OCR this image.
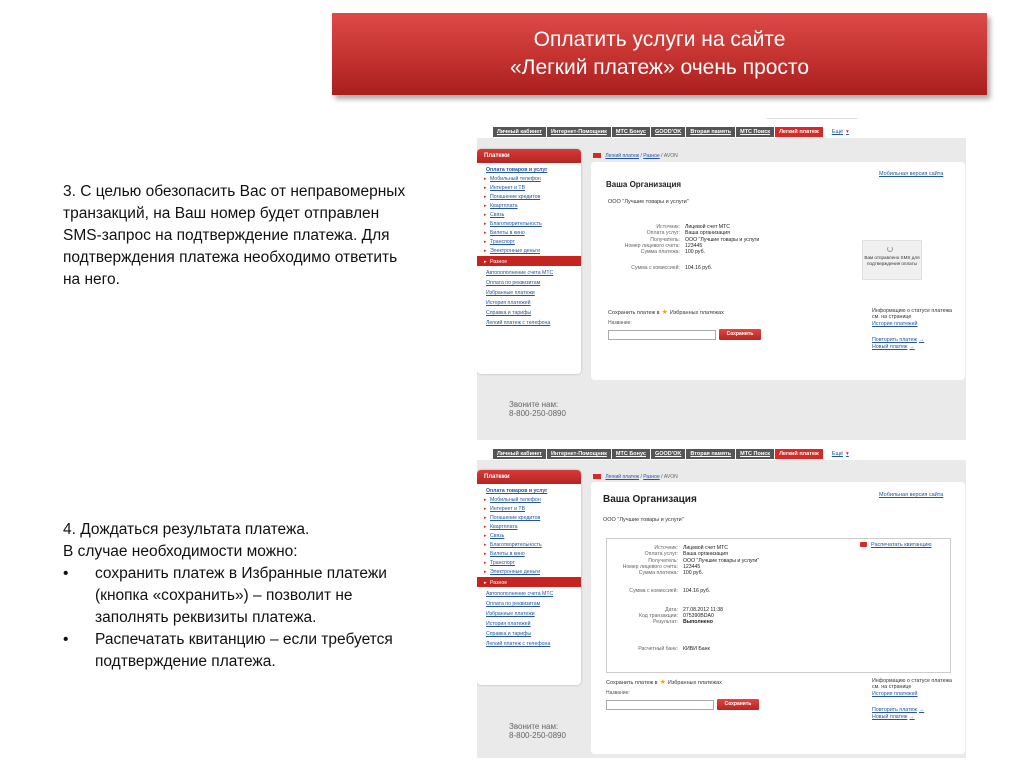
Оплатить услуги на сайте
«Легкий платеж» очень просто
3. С целью обезопасить Вас от неправомерных транзакций, на Ваш номер будет отправлен SMS-запрос на подтверждение платежа. Для подтверждения платежа необходимо ответить на него.
4. Дождаться результата платежа.
В случае необходимости можно:
• сохранить платеж в Избранные платежи (кнопка «сохранить») – позволит не заполнять реквизиты платежа.
• Распечатать квитанцию – если требуется подтверждение платежа.
Личный кабинет	Интернет-Помощник	МТС Бонус	GOOD'OK	Вторая память	МТС Поиск	Легкий платеж	Ещё ▾
Платежи
Оплата товаров и услуг
▸ Мобильный телефон
▸ Интернет и ТВ
▸ Погашение кредитов
▸ Квартплата
▸ Связь
▸ Благотворительность
▸ Билеты в кино
▸ Транспорт
▸ Электронные деньги
▸ Разное
Автопополнение счета МТС
Оплата по реквизитам
Избранные платежи
История платежей
Справка и тарифы
Легкий платеж с телефона
Звоните нам:
8-800-250-0890
Легкий платеж / Разное / AVON
Мобильная версия сайта
Ваша Организация
ООО "Лучшие товары и услуги"
Источник: Лицевой счет МТС
Оплата услуг: Ваша организация
Получатель: ООО "Лучшие товары и услуги
Номер лицевого счета: 123445
Сумма платежа: 100 руб.
Сумма с комиссией: 104.16 руб.
Вам отправлено SMS для подтверждения оплаты
Сохранить платеж в ★ Избранных платежах
Название:
Сохранить
Информацию о статусе платежа см. на странице
История платежей
Повторить платеж →
Новый платеж →
Личный кабинет	Интернет-Помощник	МТС Бонус	GOOD'OK	Вторая память	МТС Поиск	Легкий платеж	Ещё ▾
Платежи
Оплата товаров и услуг
▸ Мобильный телефон
▸ Интернет и ТВ
▸ Погашение кредитов
▸ Квартплата
▸ Связь
▸ Благотворительность
▸ Билеты в кино
▸ Транспорт
▸ Электронные деньги
▸ Разное
Автопополнение счета МТС
Оплата по реквизитам
Избранные платежи
История платежей
Справка и тарифы
Легкий платеж с телефона
Звоните нам:
8-800-250-0890
Легкий платеж / Разное / AVON
Мобильная версия сайта
Ваша Организация
ООО "Лучшие товары и услуги"
Распечатать квитанцию
Источник: Лицевой счет МТС
Оплата услуг: Ваша организация
Получатель: ООО "Лучшие товары и услуги"
Номер лицевого счета: 123445
Сумма платежа: 100 руб.
Сумма с комиссией: 104.16 руб.
Дата: 27.08.2012 11:38
Код транзакции: 075390BDA0
Результат: Выполнено
Расчетный банк: КИВИ Банк
Сохранить платеж в ★ Избранных платежах
Название:
Сохранить
Информацию о статусе платежа см. на странице
История платежей
Повторить платеж →
Новый платеж →
